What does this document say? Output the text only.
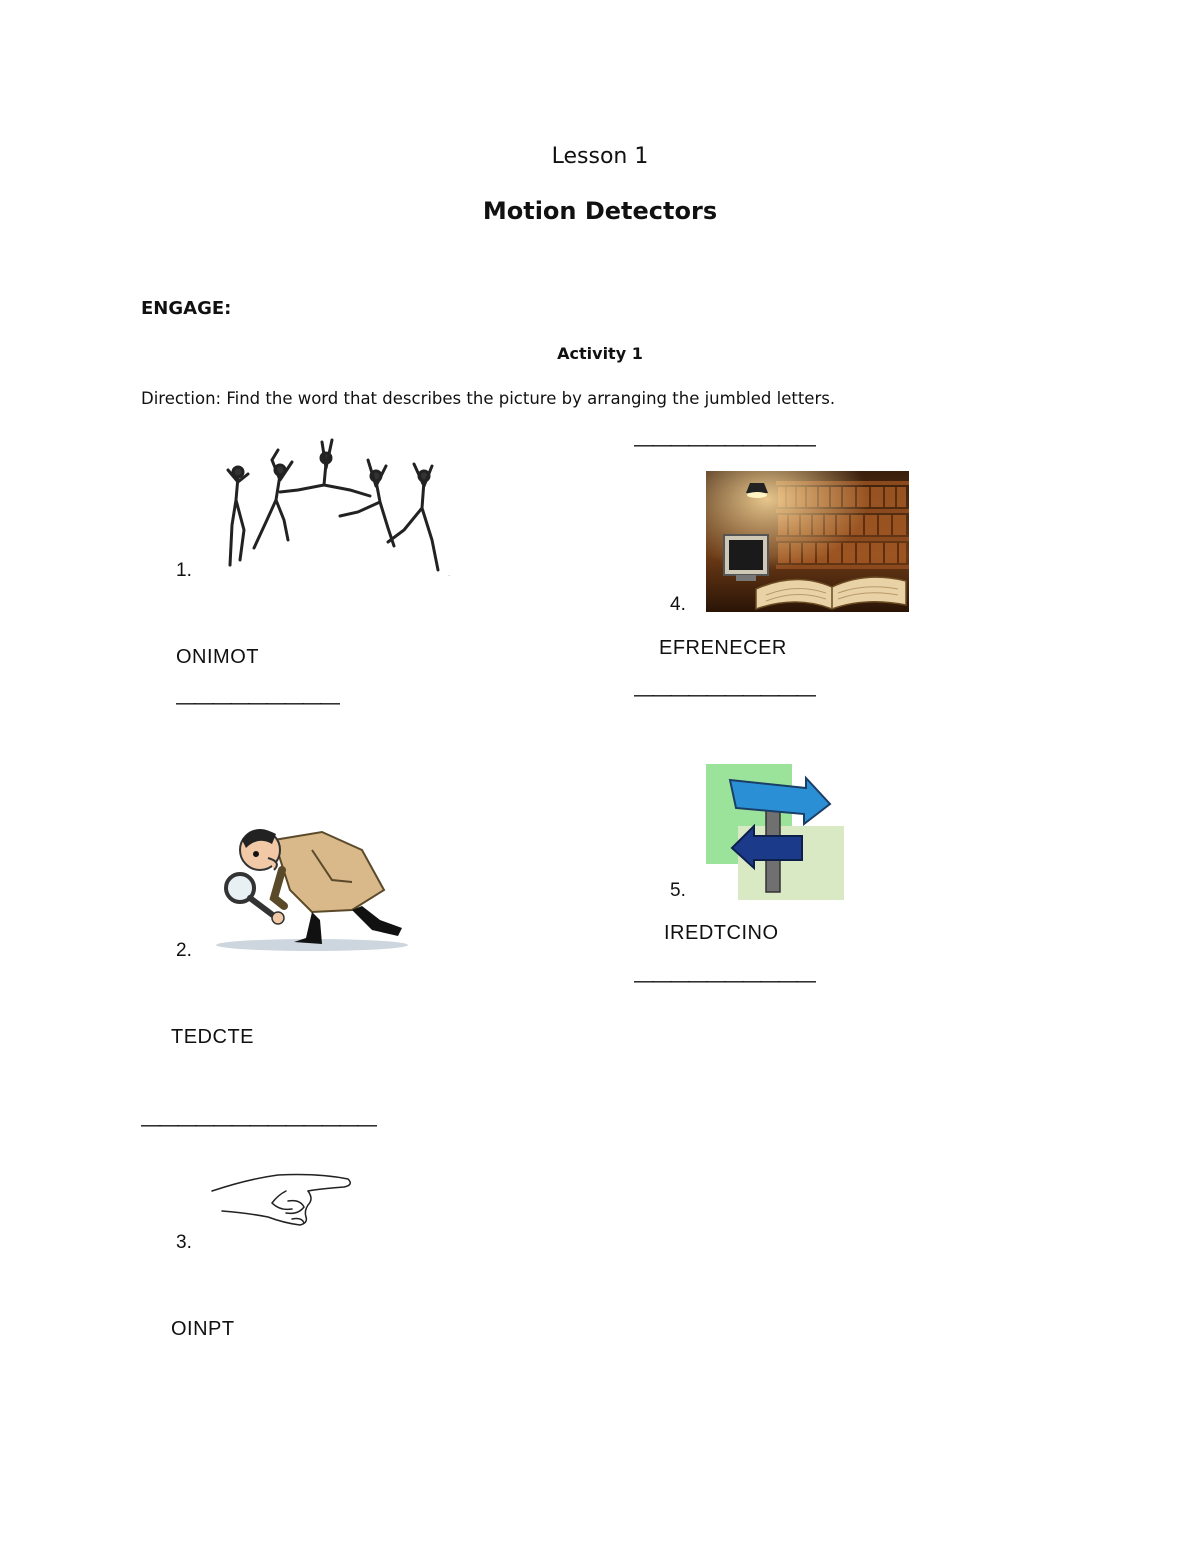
Lesson 1
Motion Detectors
ENGAGE:
Activity 1
Direction: Find the word that describes the picture by arranging the jumbled letters.
.
1.
ONIMOT
—————————
2.
TEDCTE
—————————————
3.
OINPT
——————————
4.
EFRENECER
——————————
5.
IREDTCINO
——————————
